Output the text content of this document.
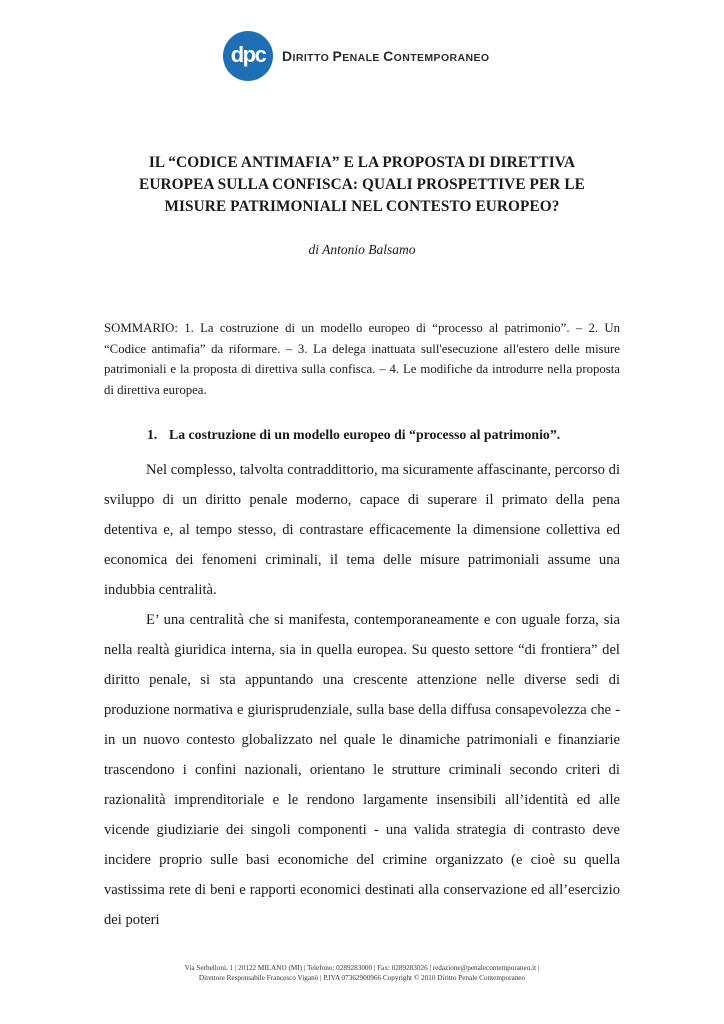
dpc DIRITTO PENALE CONTEMPORANEO
IL “CODICE ANTIMAFIA” E LA PROPOSTA DI DIRETTIVA
EUROPEA SULLA CONFISCA: QUALI PROSPETTIVE PER LE
MISURE PATRIMONIALI NEL CONTESTO EUROPEO?
di Antonio Balsamo
SOMMARIO: 1. La costruzione di un modello europeo di “processo al patrimonio”. – 2. Un “Codice antimafia” da riformare. – 3. La delega inattuata sull'esecuzione all'estero delle misure patrimoniali e la proposta di direttiva sulla confisca. – 4. Le modifiche da introdurre nella proposta di direttiva europea.
1. La costruzione di un modello europeo di “processo al patrimonio”.

Nel complesso, talvolta contraddittorio, ma sicuramente affascinante, percorso di sviluppo di un diritto penale moderno, capace di superare il primato della pena detentiva e, al tempo stesso, di contrastare efficacemente la dimensione collettiva ed economica dei fenomeni criminali, il tema delle misure patrimoniali assume una indubbia centralità.

E’ una centralità che si manifesta, contemporaneamente e con uguale forza, sia nella realtà giuridica interna, sia in quella europea. Su questo settore “di frontiera” del diritto penale, si sta appuntando una crescente attenzione nelle diverse sedi di produzione normativa e giurisprudenziale, sulla base della diffusa consapevolezza che - in un nuovo contesto globalizzato nel quale le dinamiche patrimoniali e finanziarie trascendono i confini nazionali, orientano le strutture criminali secondo criteri di razionalità imprenditoriale e le rendono largamente insensibili all’identità ed alle vicende giudiziarie dei singoli componenti - una valida strategia di contrasto deve incidere proprio sulle basi economiche del crimine organizzato (e cioè su quella vastissima rete di beni e rapporti economici destinati alla conservazione ed all’esercizio dei poteri

Via Serbelloni, 1 | 20122 MILANO (MI) | Telefono: 0289283000 | Fax: 0289283026 | redazione@penalecontemporaneo.it |
Direttore Responsabile Francesco Viganò | P.IVA 07362900966 Copyright © 2010 Diritto Penale Contemporaneo
